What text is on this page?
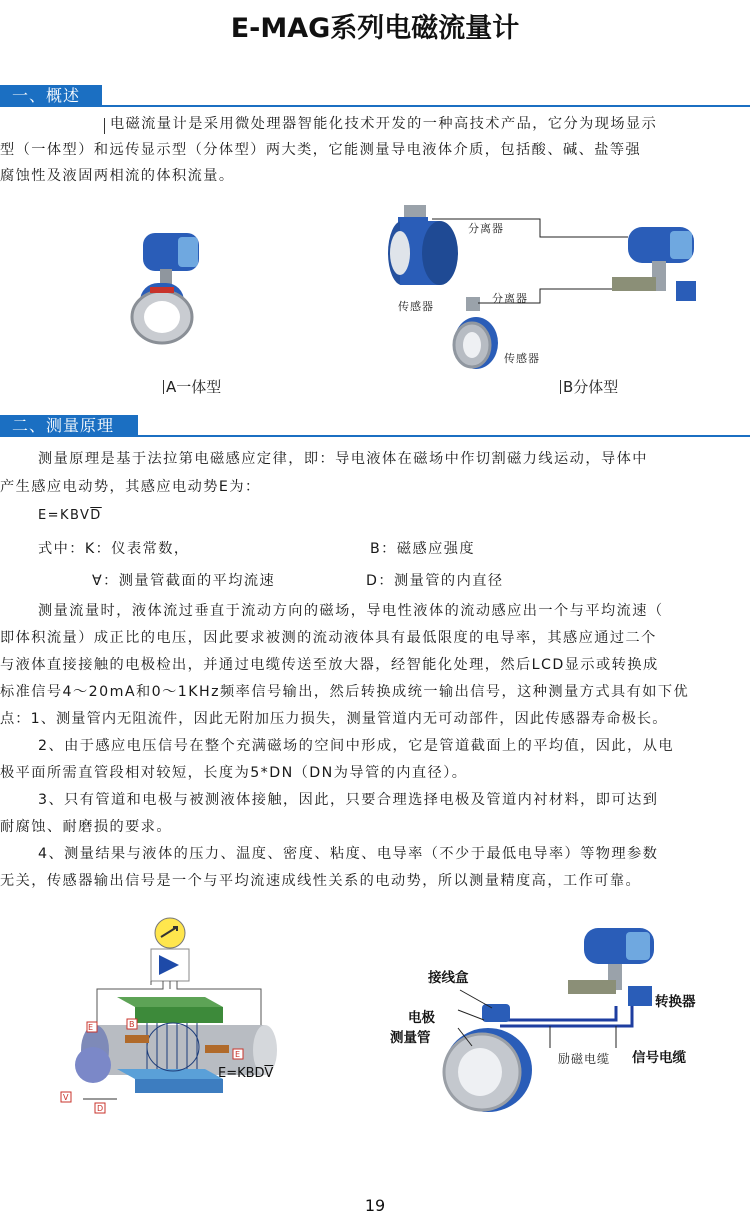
E-MAG系列电磁流量计
一、概述
电磁流量计是采用微处理器智能化技术开发的一种高技术产品，它分为现场显示
型（一体型）和远传显示型（分体型）两大类，它能测量导电液体介质，包括酸、碱、盐等强
腐蚀性及液固两相流的体积流量。
分离器
传感器
分离器
传感器
A一体型	B分体型
二、测量原理
测量原理是基于法拉第电磁感应定律，即：导电液体在磁场中作切割磁力线运动，导体中
产生感应电动势，其感应电动势E为：
$E=KBV\overline{D}$
式中：K：仪表常数，	B：磁感应强度
∀：测量管截面的平均流速	D：测量管的内直径
测量流量时，液体流过垂直于流动方向的磁场，导电性液体的流动感应出一个与平均流速（
即体积流量）成正比的电压，因此要求被测的流动液体具有最低限度的电导率，其感应通过二个
与液体直接接触的电极检出，并通过电缆传送至放大器，经智能化处理，然后LCD显示或转换成
标准信号4～20mA和0～1KHz频率信号输出，然后转换成统一输出信号，这种测量方式具有如下优
点：1、测量管内无阻流件，因此无附加压力损失，测量管道内无可动部件，因此传感器寿命极长。
2、由于感应电压信号在整个充满磁场的空间中形成，它是管道截面上的平均值，因此，从电
极平面所需直管段相对较短，长度为5*DN（DN为导管的内直径）。
3、只有管道和电极与被测液体接触，因此，只要合理选择电极及管道内衬材料，即可达到
耐腐蚀、耐磨损的要求。
4、测量结果与液体的压力、温度、密度、粘度、电导率（不少于最低电导率）等物理参数
无关，传感器输出信号是一个与平均流速成线性关系的电动势，所以测量精度高，工作可靠。
E	B
E
V
D
$E=KBD\overline{V}$
接线盒
电极
测量管
转换器
励磁电缆 信号电缆
19
